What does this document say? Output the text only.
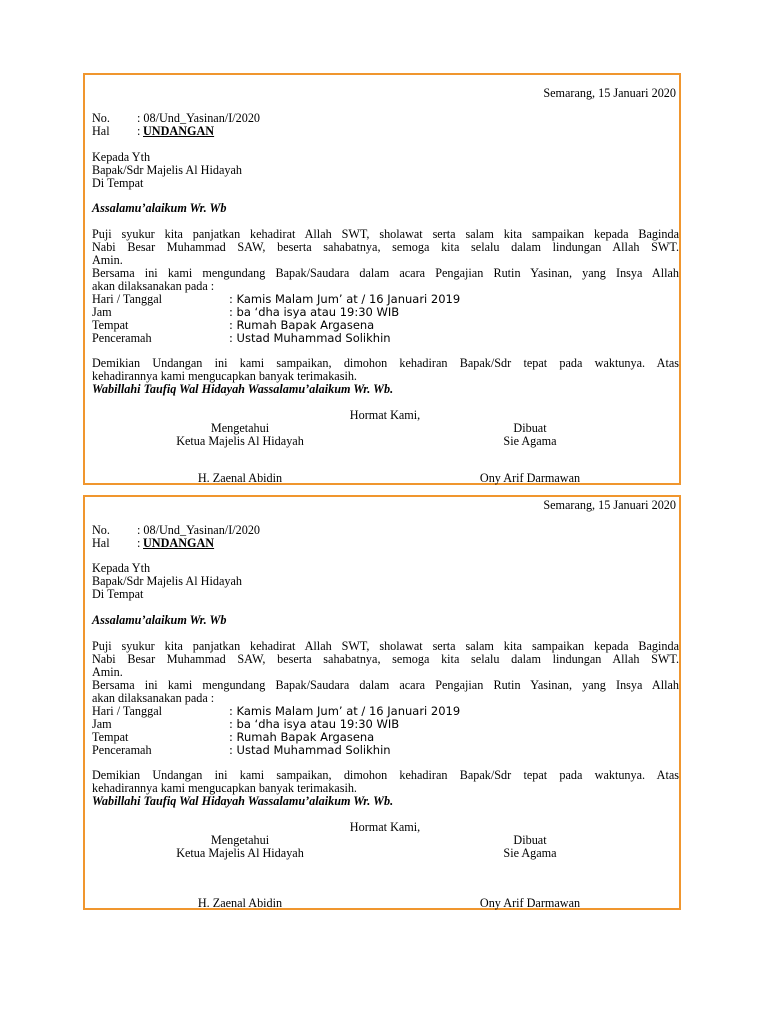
Semarang, 15 Januari 2020
No. : 08/Und_Yasinan/I/2020
Hal : UNDANGAN
Kepada Yth
Bapak/Sdr Majelis Al Hidayah
Di Tempat
Assalamu’alaikum Wr. Wb
Puji syukur kita panjatkan kehadirat Allah SWT, sholawat serta salam kita sampaikan kepada Baginda
Nabi Besar Muhammad SAW, beserta sahabatnya, semoga kita selalu dalam lindungan Allah SWT.
Amin.
Bersama ini kami mengundang Bapak/Saudara dalam acara Pengajian Rutin Yasinan, yang Insya Allah
akan dilaksanakan pada :
Hari / Tanggal	: Kamis Malam Jum’ at / 16 Januari 2019
Jam	: ba ‘dha isya atau 19:30 WIB
Tempat	: Rumah Bapak Argasena
Penceramah	: Ustad Muhammad Solikhin
Demikian Undangan ini kami sampaikan, dimohon kehadiran Bapak/Sdr tepat pada waktunya. Atas
kehadirannya kami mengucapkan banyak terimakasih.
Wabillahi Taufiq Wal Hidayah Wassalamu’alaikum Wr. Wb.
Hormat Kami,
Mengetahui
Ketua Majelis Al Hidayah
Dibuat
Sie Agama
H. Zaenal Abidin	Ony Arif Darmawan
Semarang, 15 Januari 2020
No. : 08/Und_Yasinan/I/2020
Hal : UNDANGAN
Kepada Yth
Bapak/Sdr Majelis Al Hidayah
Di Tempat
Assalamu’alaikum Wr. Wb
Puji syukur kita panjatkan kehadirat Allah SWT, sholawat serta salam kita sampaikan kepada Baginda
Nabi Besar Muhammad SAW, beserta sahabatnya, semoga kita selalu dalam lindungan Allah SWT.
Amin.
Bersama ini kami mengundang Bapak/Saudara dalam acara Pengajian Rutin Yasinan, yang Insya Allah
akan dilaksanakan pada :
Hari / Tanggal	: Kamis Malam Jum’ at / 16 Januari 2019
Jam	: ba ‘dha isya atau 19:30 WIB
Tempat	: Rumah Bapak Argasena
Penceramah	: Ustad Muhammad Solikhin
Demikian Undangan ini kami sampaikan, dimohon kehadiran Bapak/Sdr tepat pada waktunya. Atas
kehadirannya kami mengucapkan banyak terimakasih.
Wabillahi Taufiq Wal Hidayah Wassalamu’alaikum Wr. Wb.
Hormat Kami,
Mengetahui
Ketua Majelis Al Hidayah
Dibuat
Sie Agama
H. Zaenal Abidin	Ony Arif Darmawan
